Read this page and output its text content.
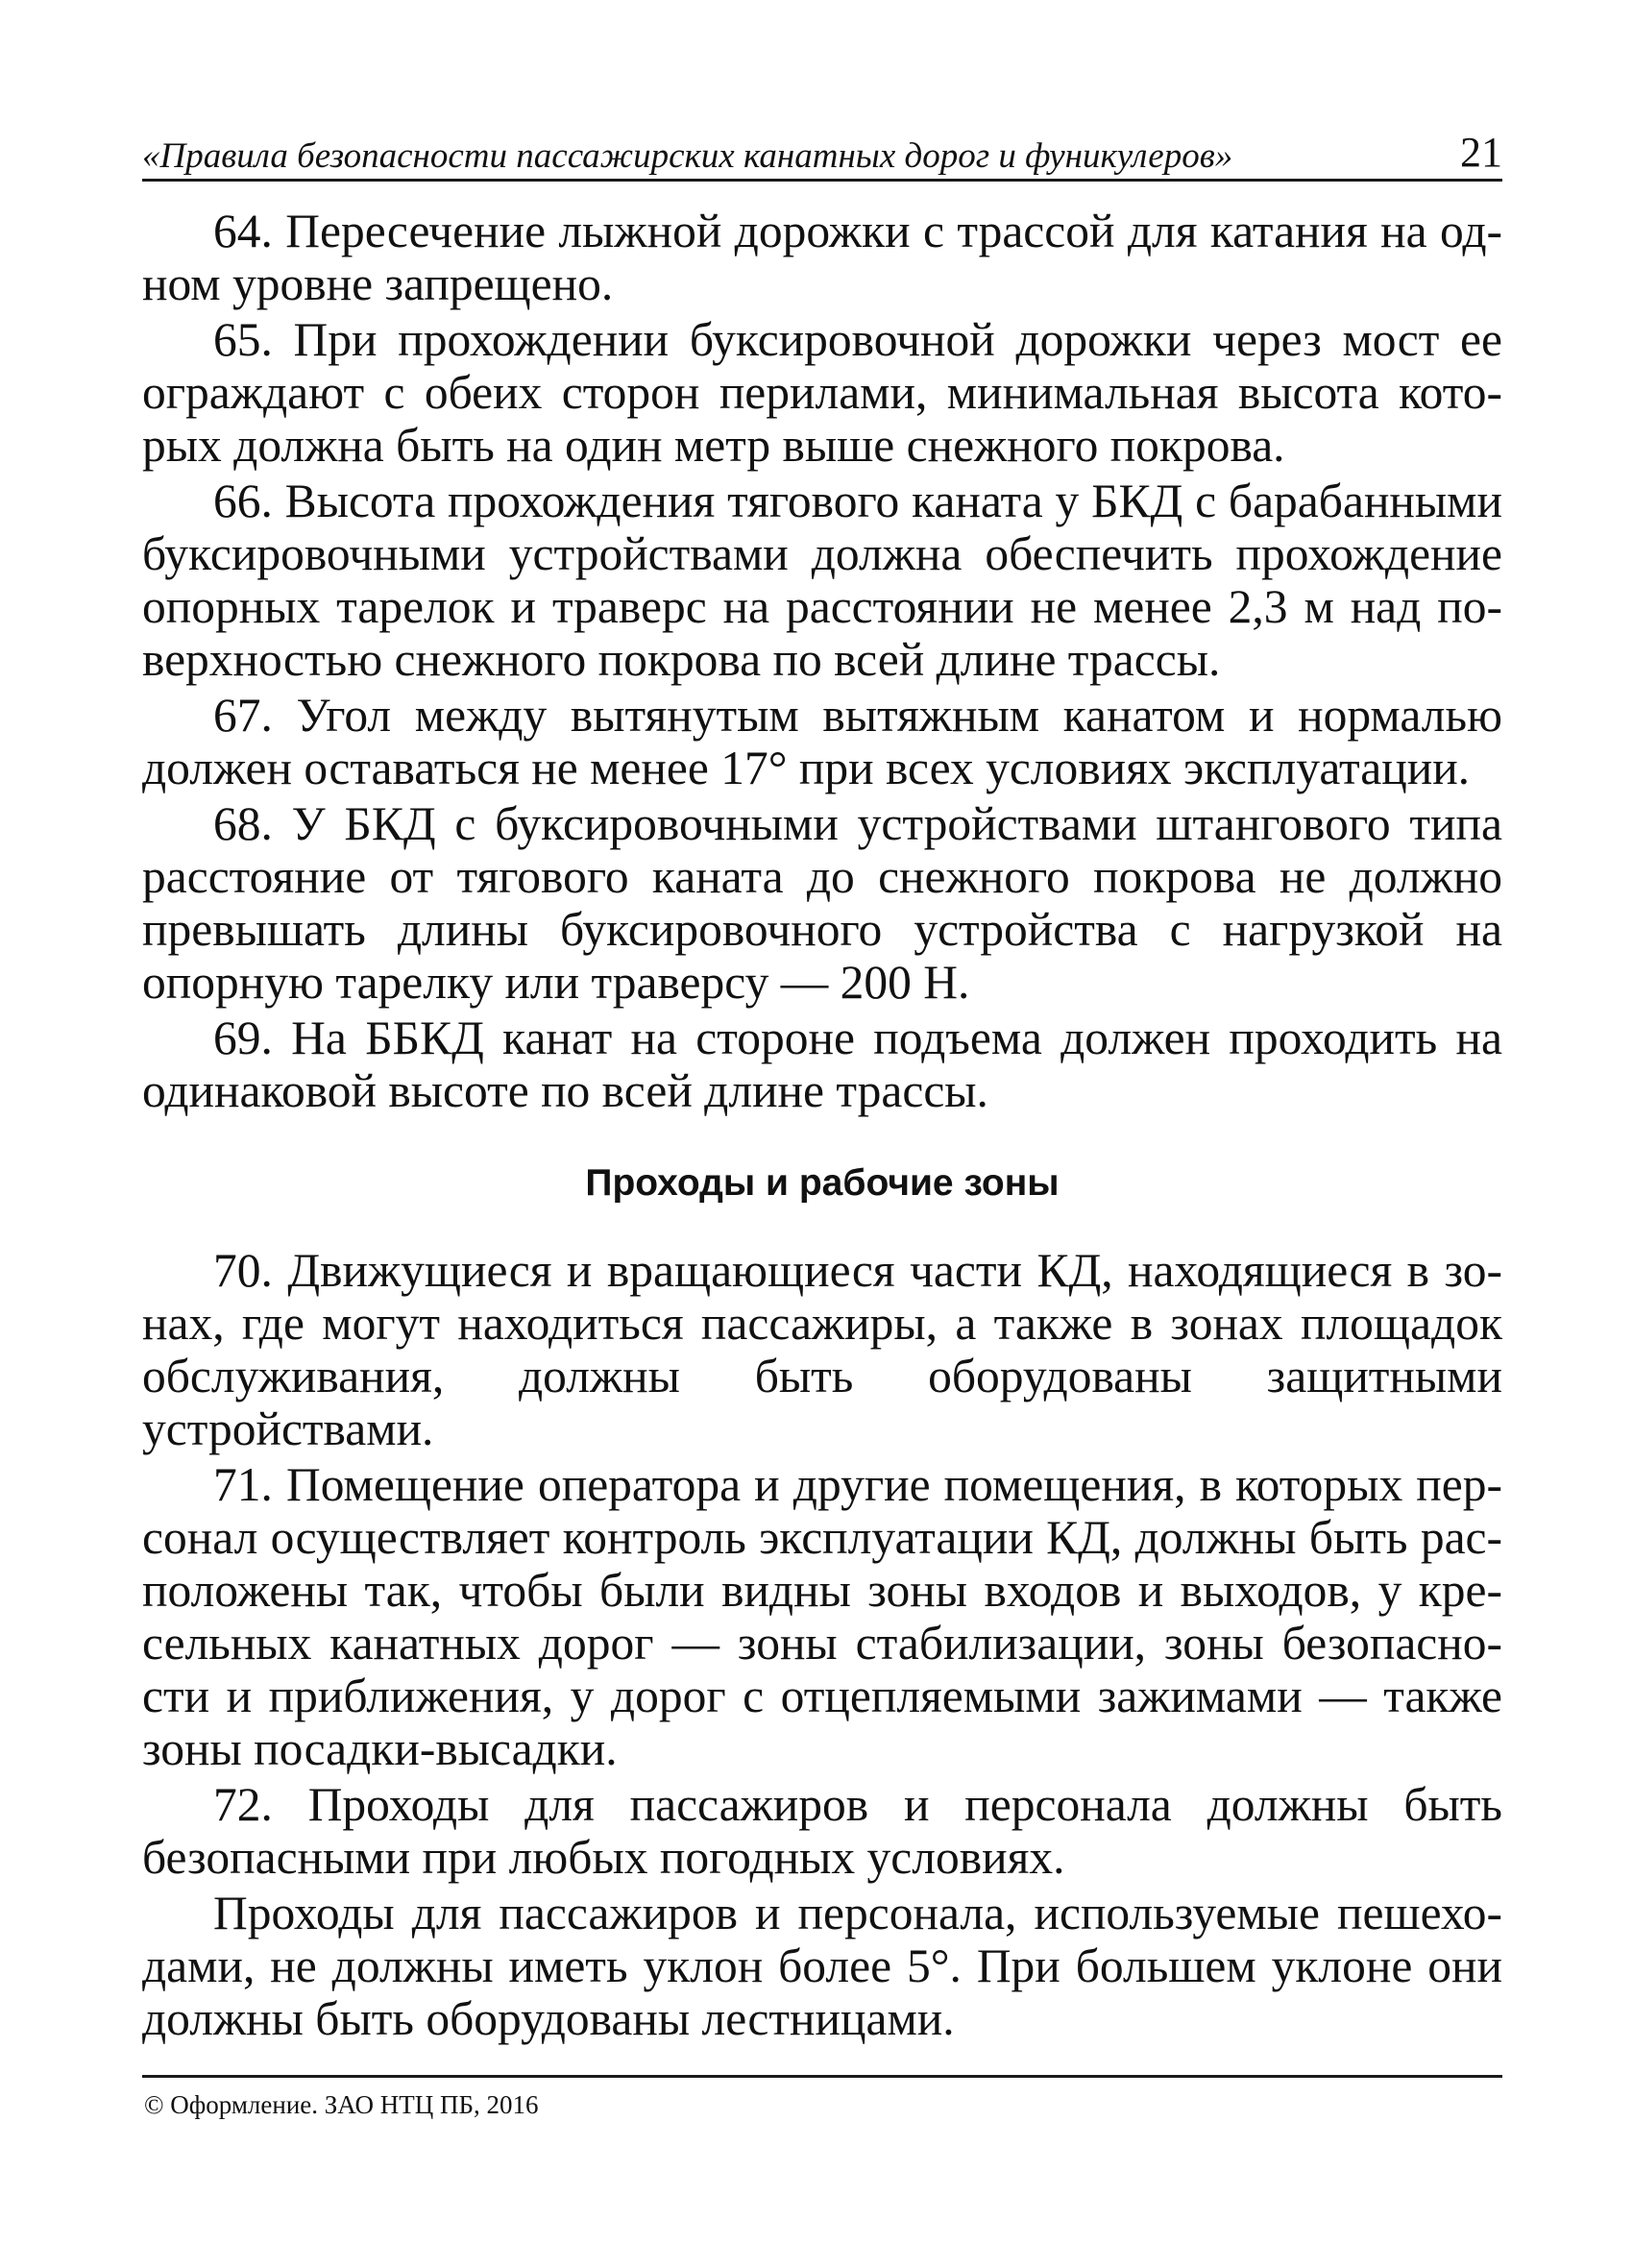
«Правила безопасности пассажирских канатных дорог и фуникулеров»	21

64. Пересечение лыжной дорожки с трассой для катания на одном уровне запрещено.

65. При прохождении буксировочной дорожки через мост ее ограждают с обеих сторон перилами, минимальная высота которых должна быть на один метр выше снежного покрова.

66. Высота прохождения тягового каната у БКД с барабанными буксировочными устройствами должна обеспечить прохождение опорных тарелок и траверс на расстоянии не менее 2,3 м над поверхностью снежного покрова по всей длине трассы.

67. Угол между вытянутым вытяжным канатом и нормалью должен оставаться не менее 17° при всех условиях эксплуатации.

68. У БКД с буксировочными устройствами штангового типа расстояние от тягового каната до снежного покрова не должно превышать длины буксировочного устройства с нагрузкой на опорную тарелку или траверсу — 200 Н.

69. На ББКД канат на стороне подъема должен проходить на одинаковой высоте по всей длине трассы.

Проходы и рабочие зоны

70. Движущиеся и вращающиеся части КД, находящиеся в зонах, где могут находиться пассажиры, а также в зонах площадок обслуживания, должны быть оборудованы защитными устройствами.

71. Помещение оператора и другие помещения, в которых персонал осуществляет контроль эксплуатации КД, должны быть расположены так, чтобы были видны зоны входов и выходов, у кресельных канатных дорог — зоны стабилизации, зоны безопасности и приближения, у дорог с отцепляемыми зажимами — также зоны посадки-высадки.

72. Проходы для пассажиров и персонала должны быть безопасными при любых погодных условиях.

Проходы для пассажиров и персонала, используемые пешеходами, не должны иметь уклон более 5°. При большем уклоне они должны быть оборудованы лестницами.

© Оформление. ЗАО НТЦ ПБ, 2016
